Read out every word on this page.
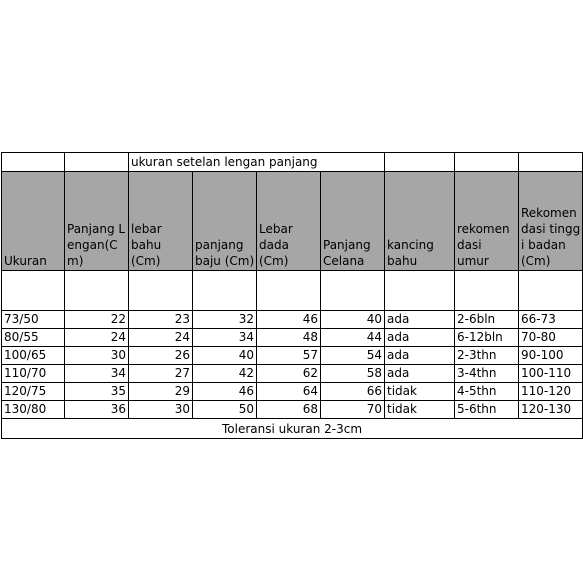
		ukuran setelan lengan panjang						
Ukuran	Panjang Lengan(Cm)	lebar bahu (Cm)	panjang baju (Cm)	Lebar dada (Cm)	Panjang Celana	kancing bahu	rekomen dasi umur	Rekomendasi tinggi badan (Cm)

73/50	22	23	32	46	40	ada	2-6bln	66-73
80/55	24	24	34	48	44	ada	6-12bln	70-80
100/65	30	26	40	57	54	ada	2-3thn	90-100
110/70	34	27	42	62	58	ada	3-4thn	100-110
120/75	35	29	46	64	66	tidak	4-5thn	110-120
130/80	36	30	50	68	70	tidak	5-6thn	120-130
Toleransi ukuran 2-3cm								
